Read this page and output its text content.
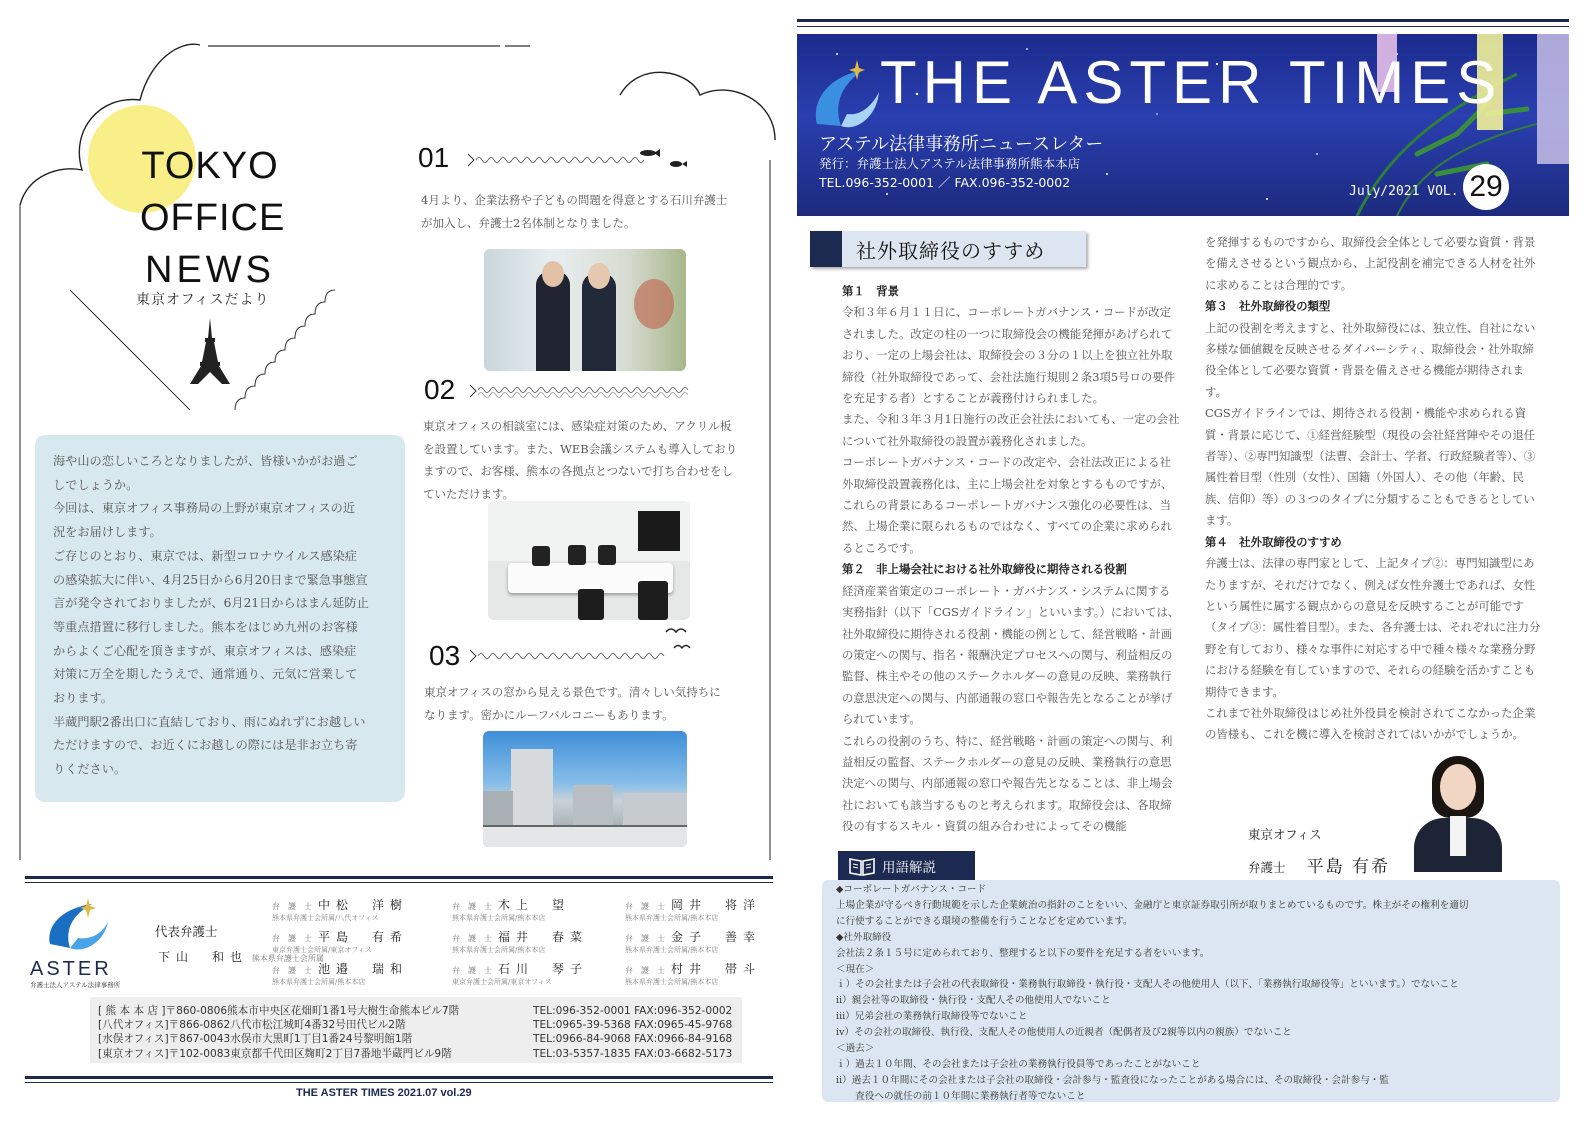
TOKYO
OFFICE
NEWS
東京オフィスだより
海や山の恋しいころとなりましたが、皆様いかがお過ご
しでしょうか。
今回は、東京オフィス事務局の上野が東京オフィスの近
況をお届けします。
ご存じのとおり、東京では、新型コロナウイルス感染症
の感染拡大に伴い、4月25日から6月20日まで緊急事態宣
言が発令されておりましたが、6月21日からはまん延防止
等重点措置に移行しました。熊本をはじめ九州のお客様
からよくご心配を頂きますが、東京オフィスは、感染症
対策に万全を期したうえで、通常通り、元気に営業して
おります。
半蔵門駅2番出口に直結しており、雨にぬれずにお越しい
ただけますので、お近くにお越しの際には是非お立ち寄
りください。
01
4月より、企業法務や子どもの問題を得意とする石川弁護士
が加入し、弁護士2名体制となりました。
02
東京オフィスの相談室には、感染症対策のため、アクリル板
を設置しています。また、WEB会議システムも導入しており
ますので、お客様、熊本の各拠点とつないで打ち合わせをし
ていただけます。
03
東京オフィスの窓から見える景色です。清々しい気持ちに
なります。密かにルーフバルコニーもあります。
ASTER
弁護士法人アステル法律事務所
代表弁護士
下山　和也 熊本県弁護士会所属
弁　護　士 中松　洋樹
熊本県弁護士会所属/八代オフィス
弁　護　士 木上　望
熊本県弁護士会所属/熊本本店
弁　護　士 岡井　将洋
熊本県弁護士会所属/熊本本店
弁　護　士 平島　有希
東京弁護士会所属/東京オフィス
弁　護　士 福井　春菜
熊本県弁護士会所属/熊本本店
弁　護　士 金子　善幸
熊本県弁護士会所属/熊本本店
弁　護　士 池邉　瑞和
熊本県弁護士会所属/熊本本店
弁　護　士 石川　琴子
東京弁護士会所属/東京オフィス
弁　護　士 村井　帯斗
熊本県弁護士会所属/熊本本店
[ 熊 本 本 店 ]〒860-0806熊本市中央区花畑町1番1号大樹生命熊本ビル7階
[八代オフィス]〒866-0862八代市松江城町4番32号田代ビル2階
[水俣オフィス]〒867-0043水俣市大黒町1丁目1番24号黎明館1階
[東京オフィス]〒102-0083東京都千代田区麹町2丁目7番地半蔵門ビル9階
TEL:096-352-0001 FAX:096-352-0002
TEL:0965-39-5368 FAX:0965-45-9768
TEL:0966-84-9068 FAX:0966-84-9168
TEL:03-5357-1835 FAX:03-6682-5173
THE ASTER TIMES 2021.07 vol.29
アステル法律事務所ニュースレター
発行：弁護士法人アステル法律事務所熊本本店
TEL.096-352-0001 ／ FAX.096-352-0002
July/2021 VOL. 29
THE ASTER TIMES
社外取締役のすすめ
第１　背景
令和３年６月１１日に、コーポレートガバナンス・コードが改定されました。改定の柱の一つに取締役会の機能発揮があげられており、一定の上場会社は、取締役会の３分の１以上を独立社外取締役（社外取締役であって、会社法施行規則２条3項5号ロの要件を充足する者）とすることが義務付けられました。
また、令和３年３月1日施行の改正会社法においても、一定の会社について社外取締役の設置が義務化されました。
コーポレートガバナンス・コードの改定や、会社法改正による社外取締役設置義務化は、主に上場会社を対象とするものですが、これらの背景にあるコーポレートガバナンス強化の必要性は、当然、上場企業に限られるものではなく、すべての企業に求められるところです。
第２　非上場会社における社外取締役に期待される役割
経済産業省策定のコーポレート・ガバナンス・システムに関する実務指針（以下「CGSガイドライン」といいます。）においては、社外取締役に期待される役割・機能の例として、経営戦略・計画の策定への関与、指名・報酬決定プロセスへの関与、利益相反の監督、株主やその他のステークホルダーの意見の反映、業務執行の意思決定への関与、内部通報の窓口や報告先となることが挙げられています。
これらの役割のうち、特に、経営戦略・計画の策定への関与、利益相反の監督、ステークホルダーの意見の反映、業務執行の意思決定への関与、内部通報の窓口や報告先となることは、非上場会社においても該当するものと考えられます。取締役会は、各取締役の有するスキル・資質の組み合わせによってその機能
を発揮するものですから、取締役会全体として必要な資質・背景を備えさせるという観点から、上記役割を補完できる人材を社外に求めることは合理的です。
第３　社外取締役の類型
上記の役割を考えますと、社外取締役には、独立性、自社にない多様な価値観を反映させるダイバーシティ、取締役会・社外取締役全体として必要な資質・背景を備えさせる機能が期待されます。
CGSガイドラインでは、期待される役割・機能や求められる資質・背景に応じて、①経営経験型（現役の会社経営陣やその退任者等）、②専門知識型（法曹、会計士、学者、行政経験者等）、③属性着目型（性別（女性）、国籍（外国人）、その他（年齢、民族、信仰）等）の３つのタイプに分類することもできるとしています。
第４　社外取締役のすすめ
弁護士は、法律の専門家として、上記タイプ②：専門知識型にあたりますが、それだけでなく、例えば女性弁護士であれば、女性という属性に属する観点からの意見を反映することが可能です（タイプ③：属性着目型）。また、各弁護士は、それぞれに注力分野を有しており、様々な事件に対応する中で種々様々な業務分野における経験を有していますので、それらの経験を活かすことも期待できます。
これまで社外取締役はじめ社外役員を検討されてこなかった企業の皆様も、これを機に導入を検討されてはいかがでしょうか。
東京オフィス
弁護士 平島 有希
用語解説
◆コーポレートガバナンス・コード
上場企業が守るべき行動規範を示した企業統治の指針のことをいい、金融庁と東京証券取引所が取りまとめているものです。株主がその権利を適切
に行使することができる環境の整備を行うことなどを定めています。
◆社外取締役
会社法２条１５号に定められており、整理すると以下の要件を充足する者をいいます。
＜現在＞
ｉ）その会社または子会社の代表取締役・業務執行取締役・執行役・支配人その他使用人（以下、「業務執行取締役等」といいます。）でないこと
ⅱ）親会社等の取締役・執行役・支配人その他使用人でないこと
ⅲ）兄弟会社の業務執行取締役等でないこと
ⅳ）その会社の取締役、執行役、支配人その他使用人の近親者（配偶者及び2親等以内の親族）でないこと
＜過去＞
ｉ）過去１０年間、その会社または子会社の業務執行役員等であったことがないこと
ⅱ）過去１０年間にその会社または子会社の取締役・会計参与・監査役になったことがある場合には、その取締役・会計参与・監
　　査役への就任の前１０年間に業務執行者等でないこと
